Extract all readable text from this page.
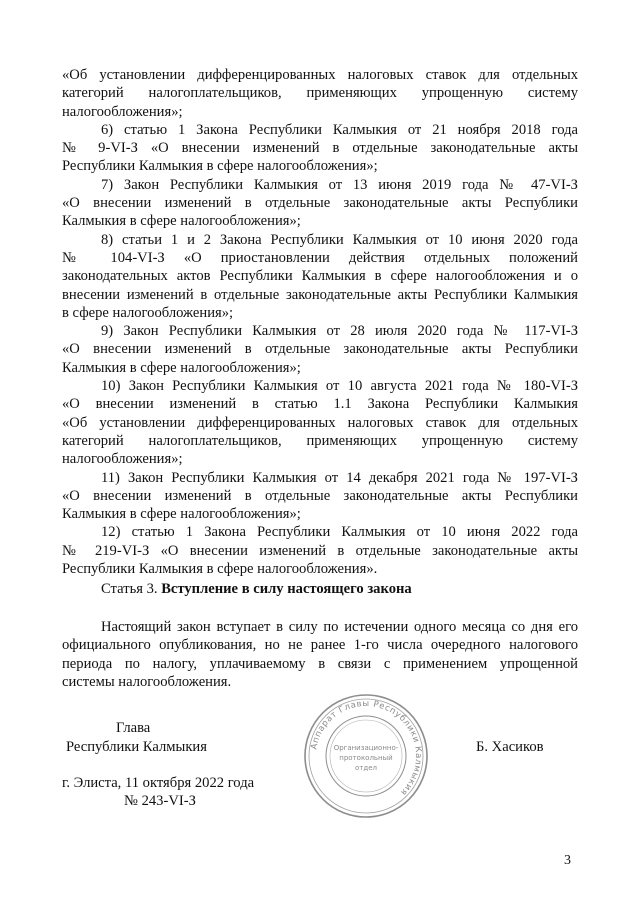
«Об установлении дифференцированных налоговых ставок для отдельных
категорий налогоплательщиков, применяющих упрощенную систему
налогообложения»;
6) статью 1 Закона Республики Калмыкия от 21 ноября 2018 года
№ 9-VI-З «О внесении изменений в отдельные законодательные акты
Республики Калмыкия в сфере налогообложения»;
7) Закон Республики Калмыкия от 13 июня 2019 года № 47-VI-З
«О внесении изменений в отдельные законодательные акты Республики
Калмыкия в сфере налогообложения»;
8) статьи 1 и 2 Закона Республики Калмыкия от 10 июня 2020 года
№ 104-VI-З «О приостановлении действия отдельных положений
законодательных актов Республики Калмыкия в сфере налогообложения и о
внесении изменений в отдельные законодательные акты Республики Калмыкия
в сфере налогообложения»;
9) Закон Республики Калмыкия от 28 июля 2020 года № 117-VI-З
«О внесении изменений в отдельные законодательные акты Республики
Калмыкия в сфере налогообложения»;
10) Закон Республики Калмыкия от 10 августа 2021 года № 180-VI-З
«О внесении изменений в статью 1.1 Закона Республики Калмыкия
«Об установлении дифференцированных налоговых ставок для отдельных
категорий налогоплательщиков, применяющих упрощенную систему
налогообложения»;
11) Закон Республики Калмыкия от 14 декабря 2021 года № 197-VI-З
«О внесении изменений в отдельные законодательные акты Республики
Калмыкия в сфере налогообложения»;
12) статью 1 Закона Республики Калмыкия от 10 июня 2022 года
№ 219-VI-З «О внесении изменений в отдельные законодательные акты
Республики Калмыкия в сфере налогообложения».
Статья 3. Вступление в силу настоящего закона
Настоящий закон вступает в силу по истечении одного месяца со дня его
официального опубликования, но не ранее 1-го числа очередного налогового
периода по налогу, уплачиваемому в связи с применением упрощенной
системы налогообложения.
Глава
Республики Калмыкия	Б. Хасиков
г. Элиста, 11 октября 2022 года
№ 243-VI-З
Аппарат Главы Республики Калмыкия
Организационно-
протокольный
отдел
3
